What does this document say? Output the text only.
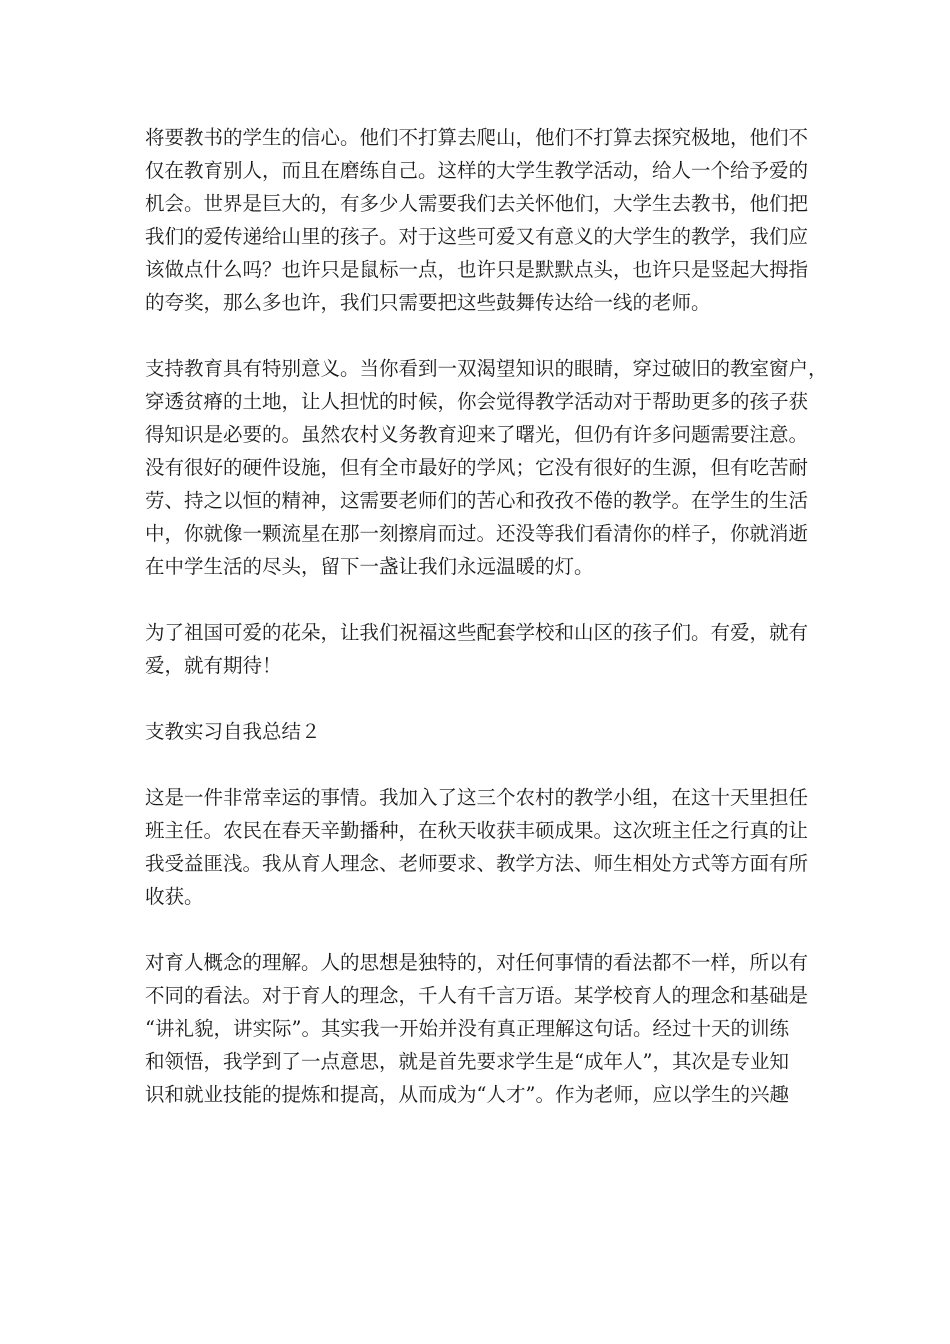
将要教书的学生的信心。他们不打算去爬山，他们不打算去探究极地，他们不
仅在教育别人，而且在磨练自己。这样的大学生教学活动，给人一个给予爱的
机会。世界是巨大的，有多少人需要我们去关怀他们，大学生去教书，他们把
我们的爱传递给山里的孩子。对于这些可爱又有意义的大学生的教学，我们应
该做点什么吗？也许只是鼠标一点，也许只是默默点头，也许只是竖起大拇指
的夸奖，那么多也许，我们只需要把这些鼓舞传达给一线的老师。
支持教育具有特别意义。当你看到一双渴望知识的眼睛，穿过破旧的教室窗户，
穿透贫瘠的土地，让人担忧的时候，你会觉得教学活动对于帮助更多的孩子获
得知识是必要的。虽然农村义务教育迎来了曙光，但仍有许多问题需要注意。
没有很好的硬件设施，但有全市最好的学风；它没有很好的生源，但有吃苦耐
劳、持之以恒的精神，这需要老师们的苦心和孜孜不倦的教学。在学生的生活
中，你就像一颗流星在那一刻擦肩而过。还没等我们看清你的样子，你就消逝
在中学生活的尽头，留下一盏让我们永远温暖的灯。
为了祖国可爱的花朵，让我们祝福这些配套学校和山区的孩子们。有爱，就有
爱，就有期待！
支教实习自我总结２
这是一件非常幸运的事情。我加入了这三个农村的教学小组，在这十天里担任
班主任。农民在春天辛勤播种，在秋天收获丰硕成果。这次班主任之行真的让
我受益匪浅。我从育人理念、老师要求、教学方法、师生相处方式等方面有所
收获。
对育人概念的理解。人的思想是独特的，对任何事情的看法都不一样，所以有
不同的看法。对于育人的理念，千人有千言万语。某学校育人的理念和基础是
“讲礼貌，讲实际”。其实我一开始并没有真正理解这句话。经过十天的训练
和领悟，我学到了一点意思，就是首先要求学生是“成年人”，其次是专业知
识和就业技能的提炼和提高，从而成为“人才”。作为老师，应以学生的兴趣
